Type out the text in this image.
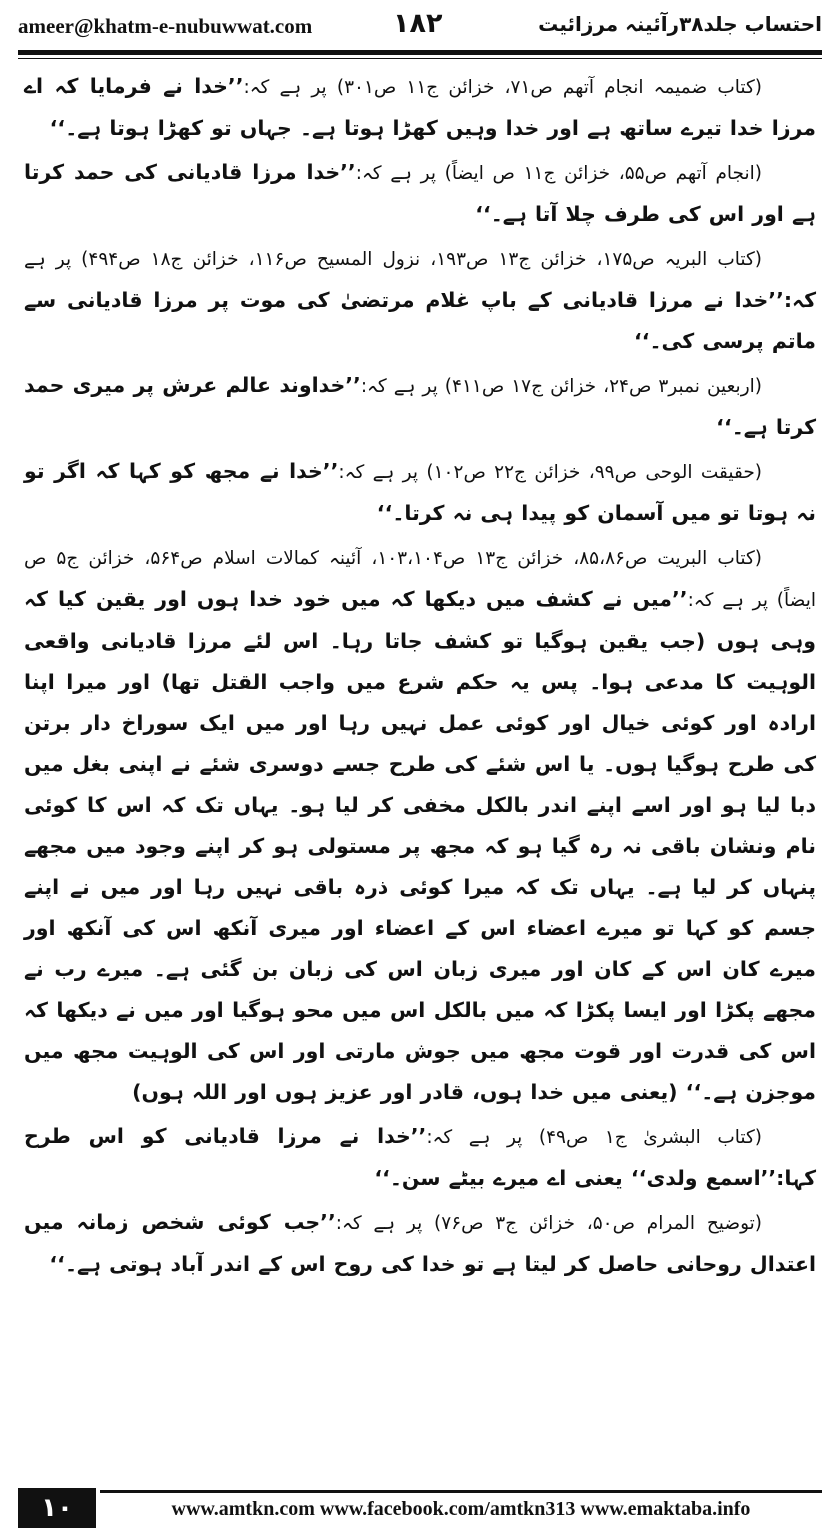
ameer@khatm-e-nubuwwat.com	۱۸۲	احتساب جلد۳۸رآئینہ مرزائیت

(کتاب ضمیمہ انجام آتھم ص۷۱، خزائن ج۱۱ ص۳۰۱) پر ہے کہ:’’خدا نے فرمایا کہ اے مرزا خدا تیرے ساتھ ہے اور خدا وہیں کھڑا ہوتا ہے۔ جہاں تو کھڑا ہوتا ہے۔‘‘

(انجام آتھم ص۵۵، خزائن ج۱۱ ص ایضاً) پر ہے کہ:’’خدا مرزا قادیانی کی حمد کرتا ہے اور اس کی طرف چلا آتا ہے۔‘‘

(کتاب البریہ ص۱۷۵، خزائن ج۱۳ ص۱۹۳، نزول المسیح ص۱۱۶، خزائن ج۱۸ ص۴۹۴) پر ہے کہ:’’خدا نے مرزا قادیانی کے باپ غلام مرتضیٰ کی موت پر مرزا قادیانی سے ماتم پرسی کی۔‘‘

(اربعین نمبر۳ ص۲۴، خزائن ج۱۷ ص۴۱۱) پر ہے کہ:’’خداوند عالم عرش پر میری حمد کرتا ہے۔‘‘

(حقیقت الوحی ص۹۹، خزائن ج۲۲ ص۱۰۲) پر ہے کہ:’’خدا نے مجھ کو کہا کہ اگر تو نہ ہوتا تو میں آسمان کو پیدا ہی نہ کرتا۔‘‘

(کتاب البریت ص۸۵،۸۶، خزائن ج۱۳ ص۱۰۳،۱۰۴، آئینہ کمالات اسلام ص۵۶۴، خزائن ج۵ ص ایضاً) پر ہے کہ:’’میں نے کشف میں دیکھا کہ میں خود خدا ہوں اور یقین کیا کہ وہی ہوں (جب یقین ہوگیا تو کشف جاتا رہا۔ اس لئے مرزا قادیانی واقعی الوہیت کا مدعی ہوا۔ پس یہ حکم شرع میں واجب القتل تھا) اور میرا اپنا ارادہ اور کوئی خیال اور کوئی عمل نہیں رہا اور میں ایک سوراخ دار برتن کی طرح ہوگیا ہوں۔ یا اس شئے کی طرح جسے دوسری شئے نے اپنی بغل میں دبا لیا ہو اور اسے اپنے اندر بالکل مخفی کر لیا ہو۔ یہاں تک کہ اس کا کوئی نام ونشان باقی نہ رہ گیا ہو کہ مجھ پر مستولی ہو کر اپنے وجود میں مجھے پنہاں کر لیا ہے۔ یہاں تک کہ میرا کوئی ذرہ باقی نہیں رہا اور میں نے اپنے جسم کو کہا تو میرے اعضاء اس کے اعضاء اور میری آنکھ اس کی آنکھ اور میرے کان اس کے کان اور میری زبان اس کی زبان بن گئی ہے۔ میرے رب نے مجھے پکڑا اور ایسا پکڑا کہ میں بالکل اس میں محو ہوگیا اور میں نے دیکھا کہ اس کی قدرت اور قوت مجھ میں جوش مارتی اور اس کی الوہیت مجھ میں موجزن ہے۔‘‘ (یعنی میں خدا ہوں، قادر اور عزیز ہوں اور اللہ ہوں)

(کتاب البشریٰ ج۱ ص۴۹) پر ہے کہ:’’خدا نے مرزا قادیانی کو اس طرح کہا:’’اسمع ولدی‘‘ یعنی اے میرے بیٹے سن۔‘‘

(توضیح المرام ص۵۰، خزائن ج۳ ص۷۶) پر ہے کہ:’’جب کوئی شخص زمانہ میں اعتدال روحانی حاصل کر لیتا ہے تو خدا کی روح اس کے اندر آباد ہوتی ہے۔‘‘

۱۰	www.amtkn.com www.facebook.com/amtkn313 www.emaktaba.info
